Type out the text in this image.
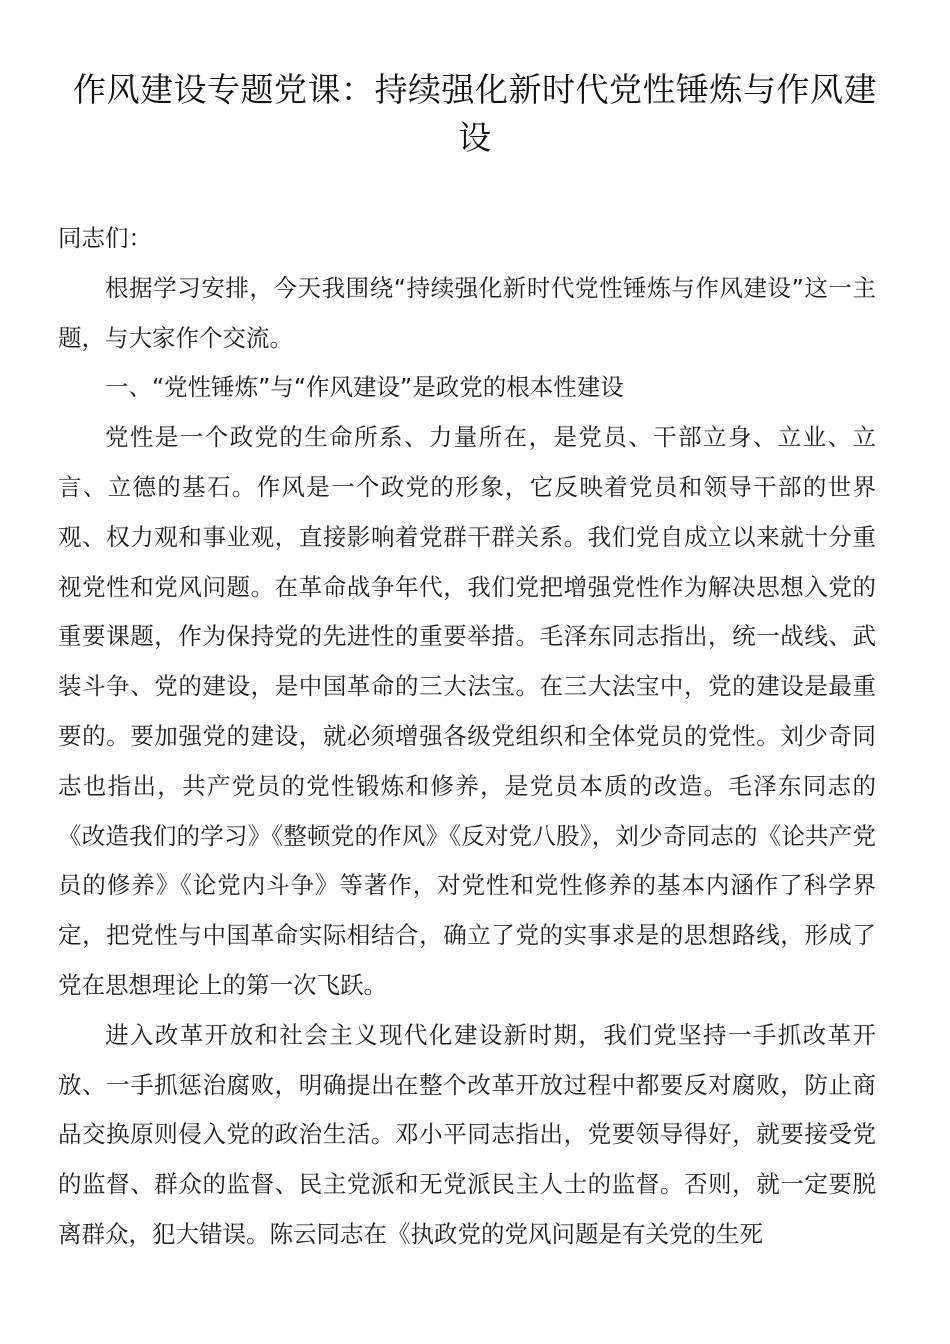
作风建设专题党课：持续强化新时代党性锤炼与作风建设

同志们：

根据学习安排，今天我围绕“持续强化新时代党性锤炼与作风建设”这一主题，与大家作个交流。

一、“党性锤炼”与“作风建设”是政党的根本性建设

党性是一个政党的生命所系、力量所在，是党员、干部立身、立业、立言、立德的基石。作风是一个政党的形象，它反映着党员和领导干部的世界观、权力观和事业观，直接影响着党群干群关系。我们党自成立以来就十分重视党性和党风问题。在革命战争年代，我们党把增强党性作为解决思想入党的重要课题，作为保持党的先进性的重要举措。毛泽东同志指出，统一战线、武装斗争、党的建设，是中国革命的三大法宝。在三大法宝中，党的建设是最重要的。要加强党的建设，就必须增强各级党组织和全体党员的党性。刘少奇同志也指出，共产党员的党性锻炼和修养，是党员本质的改造。毛泽东同志的《改造我们的学习》《整顿党的作风》《反对党八股》，刘少奇同志的《论共产党员的修养》《论党内斗争》等著作，对党性和党性修养的基本内涵作了科学界定，把党性与中国革命实际相结合，确立了党的实事求是的思想路线，形成了党在思想理论上的第一次飞跃。

进入改革开放和社会主义现代化建设新时期，我们党坚持一手抓改革开放、一手抓惩治腐败，明确提出在整个改革开放过程中都要反对腐败，防止商品交换原则侵入党的政治生活。邓小平同志指出，党要领导得好，就要接受党的监督、群众的监督、民主党派和无党派民主人士的监督。否则，就一定要脱离群众，犯大错误。陈云同志在《执政党的党风问题是有关党的生死
